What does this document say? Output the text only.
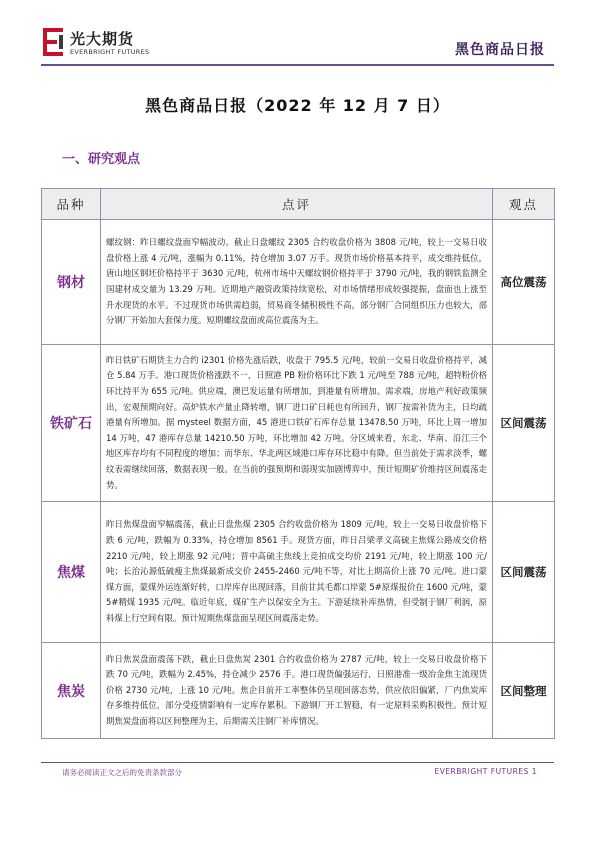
光大期货
EVERBRIGHT FUTURES	黑色商品日报
黑色商品日报（2022 年 12 月 7 日）
一、研究观点
品种	点评	观点
钢材	螺纹钢：昨日螺纹盘面窄幅波动。截止日盘螺纹 2305 合约收盘价格为 3808 元/吨，较上一交易日收盘价格上涨 4 元/吨，涨幅为 0.11%，持仓增加 3.07 万手。现货市场价格基本持平，成交维持低位，唐山地区钢坯价格持平于 3630 元/吨，杭州市场中天螺纹钢价格持平于 3790 元/吨，我的钢铁监测全国建材成交量为 13.29 万吨。近期地产融资政策持续宽松，对市场情绪形成较强提振，盘面也上涨至升水现货的水平。不过现货市场供需趋弱，贸易商冬储积极性不高，部分钢厂合同组织压力也较大，部分钢厂开始加大套保力度。短期螺纹盘面或高位震荡为主。	高位震荡
铁矿石	昨日铁矿石期货主力合约 i2301 价格先涨后跌，收盘于 795.5 元/吨，较前一交易日收盘价格持平，减仓 5.84 万手。港口现货价格涨跌不一，日照港 PB 粉价格环比下跌 1 元/吨至 788 元/吨，超特粉价格环比持平为 655 元/吨。供应端，澳巴发运量有所增加，到港量有所增加。需求端，房地产利好政策频出，宏观预期向好。高炉铁水产量止降转增，钢厂进口矿日耗也有所回升，钢厂按需补货为主，日均疏港量有所增加。据 mysteel 数据方面，45 港进口铁矿石库存总量 13478.50 万吨，环比上周一增加 14 万吨，47 港库存总量 14210.50 万吨，环比增加 42 万吨。分区域来看，东北、华南、沿江三个地区库存均有不同程度的增加；而华东、华北两区域港口库存环比稳中有降。但当前处于需求淡季，螺纹表需继续回落，数据表现一般。在当前的强预期和弱现实加剧博弈中，预计短期矿价维持区间震荡走势。	区间震荡
焦煤	昨日焦煤盘面窄幅震荡，截止日盘焦煤 2305 合约收盘价格为 1809 元/吨，较上一交易日收盘价格下跌 6 元/吨，跌幅为 0.33%，持仓增加 8561 手。现货方面，昨日吕梁孝义高硫主焦煤公路成交价格 2210 元/吨，较上期涨 92 元/吨；晋中高硫主焦线上竞拍成交均价 2191 元/吨，较上期涨 100 元/吨；长治沁源低硫瘦主焦煤最新成交价 2455-2460 元/吨不等，对比上期高价上涨 70 元/吨。进口蒙煤方面，蒙煤外运连渐好转，口岸库存出现回落，目前甘其毛都口岸蒙 5#原煤报价在 1600 元/吨，蒙 5#精煤 1935 元/吨。临近年底，煤矿生产以保安全为主。下游延续补库热情，但受制于钢厂利润，原料煤上行空间有限。预计短期焦煤盘面呈现区间震荡走势。	区间震荡
焦炭	昨日焦炭盘面震荡下跌，截止日盘焦炭 2301 合约收盘价格为 2787 元/吨，较上一交易日收盘价格下跌 70 元/吨，跌幅为 2.45%，持仓减少 2576 手。港口现货偏强运行，日照港准一级冶金焦主流现货价格 2730 元/吨，上涨 10 元/吨。焦企目前开工率整体仍呈现回落态势，供应依旧偏紧，厂内焦炭库存多维持低位，部分受疫情影响有一定库存累积。下游钢厂开工智稳，有一定原料采购积极性。预计短期焦炭盘面将以区间整理为主，后期需关注钢厂补库情况。	区间整理
请务必阅读正文之后的免责条款部分	EVERBRIGHT FUTURES 1
